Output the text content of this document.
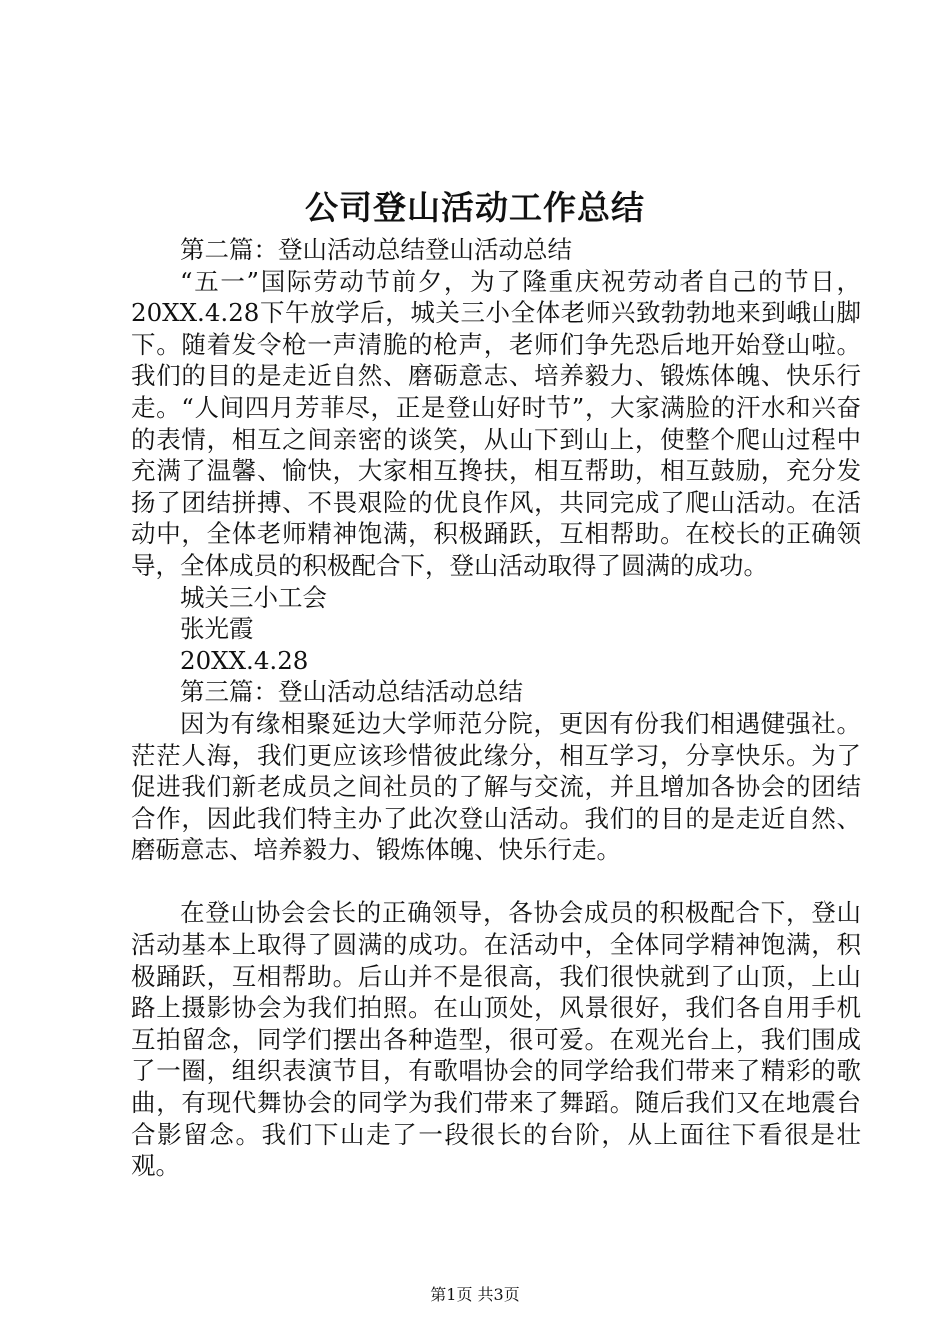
公司登山活动工作总结

第二篇：登山活动总结登山活动总结

“五一”国际劳动节前夕，为了隆重庆祝劳动者自己的节日，20XX.4.28下午放学后，城关三小全体老师兴致勃勃地来到峨山脚下。随着发令枪一声清脆的枪声，老师们争先恐后地开始登山啦。我们的目的是走近自然、磨砺意志、培养毅力、锻炼体魄、快乐行走。“人间四月芳菲尽，正是登山好时节”，大家满脸的汗水和兴奋的表情，相互之间亲密的谈笑，从山下到山上，使整个爬山过程中充满了温馨、愉快，大家相互搀扶，相互帮助，相互鼓励，充分发扬了团结拼搏、不畏艰险的优良作风，共同完成了爬山活动。在活动中，全体老师精神饱满，积极踊跃，互相帮助。在校长的正确领导，全体成员的积极配合下，登山活动取得了圆满的成功。

城关三小工会

张光霞

20XX.4.28

第三篇：登山活动总结活动总结

因为有缘相聚延边大学师范分院，更因有份我们相遇健强社。茫茫人海，我们更应该珍惜彼此缘分，相互学习，分享快乐。为了促进我们新老成员之间社员的了解与交流，并且增加各协会的团结合作，因此我们特主办了此次登山活动。我们的目的是走近自然、磨砺意志、培养毅力、锻炼体魄、快乐行走。

在登山协会会长的正确领导，各协会成员的积极配合下，登山活动基本上取得了圆满的成功。在活动中，全体同学精神饱满，积极踊跃，互相帮助。后山并不是很高，我们很快就到了山顶，上山路上摄影协会为我们拍照。在山顶处，风景很好，我们各自用手机互拍留念，同学们摆出各种造型，很可爱。在观光台上，我们围成了一圈，组织表演节目，有歌唱协会的同学给我们带来了精彩的歌曲，有现代舞协会的同学为我们带来了舞蹈。随后我们又在地震台合影留念。我们下山走了一段很长的台阶，从上面往下看很是壮观。

第1页 共3页
